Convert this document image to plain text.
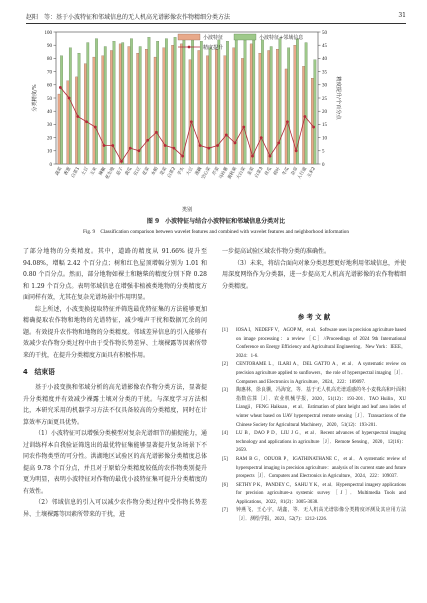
赵阳　等：基于小波特征和邻域信息的无人机高光谱影像农作物精细分类方法	31
0
10
20
30
40
50
60
70
80
90
100
0
5
10
15
20
25
30
35
40
45
50
蔬菜 香葱
白菜1 土豆 玉米 辣椒
花生地 茄子 黄瓜 豇豆 花菜 水稻 苋菜
白菜2 芋头 大豆 莲藕
空心菜 芹菜
马铃薯
黄秋葵
大白菜 韭菜
白菜3 丝瓜 荷叶 冬瓜 杂草
人行道
玉米2
分类精度/%	精度提升/个百分点
类别
小波特征	小波特征+邻域信息
精度提升
图 9　小波特征与结合小波特征和邻域信息分类对比
Fig. 9　Classification comparison between wavelet features and combined with wavelet features and neighborhood information

了部分地物的分类精度。其中，道路的精度从 91.66% 提升至 94.08%，增幅 2.42 个百分点；树和红色屋顶增幅分别为 1.01 和 0.80 个百分点。然而，部分地物如裸土和糖柴的精度分别下降 0.28 和 1.29 个百分点。表明邻域信息在增强非植被类地物的分类精度方面同样有效，尤其在复杂光谱场景中作用明显。

综上所述，小波变换提取特征并筛选最优特征集的方法能够更加精确提取农作物和地物的光谱特征，减少噪声干扰和数据冗余的问题。有效提升农作物和地物的分类精度。邻域差异信息的引入能够有效减少农作物分类过程中由于受作物长势差异、土壤裸露等因素所带来的干扰，在提升分类精度方面具有积极作用。

4　结束语

基于小波变换和邻域分析的高光谱影像农作物分类方法，显著提升分类精度并有效减少裸露土壤对分类的干扰。与深度学习方法相比，本研究采用的机器学习方法不仅具备较高的分类精度，同时在计算效率方面更具优势。

（1）小波特征可以增强分类模型对复杂光谱细节的捕捉能力，通过训练样本自我验证筛选出的最优特征集能够显著提升复杂场景下不同农作物类型的可分性。洪湖地区试验区的高光谱影像分类精度总体提高 9.78 个百分点，并且对于原始分类精度较低的农作物类别提升更为明显，表明小波特征对作物的最优小波特征集可提升分类精度的有效性。

（2）邻域信息的引入可以减少农作物分类过程中受作物长势差异、土壤裸露等因素所带来的干扰，进

一步提高试验区域农作物分类的准确性。

（3）未来，将结合面向对象分类思想更好地利用邻域信息，并使用深度网络作为分类器，进一步提高无人机高光谱影像的农作物精细分类精度。

参 考 文 献
[1] IOSA I，NEDEFF V，AGOP M，et al．Software uses in precision agriculture based on image processing：a review［C］//Proceedings of 2024 9th International Conference on Energy Efficiency and Agricultural Engineering．New York：IEEE，2024：1-6.
[2] CENTORAME L，ILARI A，DEL GATTO A，et al．A systematic review on precision agriculture applied to sunflowers，the role of hyperspectral imaging［J］．Computers and Electronics in Agriculture，2024，222：109097.
[3] 陶惠林，徐良骥，冯海宽，等．基于无人机高光谱遥感的冬小麦株高和叶面积指数估算［J］．农业机械学报，2020，51(12)：193-201．TAO Huilin，XU Liangji，FENG Haikuan，et al．Estimation of plant height and leaf area index of winter wheat based on UAV hyperspectral remote sensing［J］．Transactions of the Chinese Society for Agricultural Machinery，2020，51(12)：193-201.
[4] LU B，DAO P D，LIU J G，et al．Recent advances of hyperspectral imaging technology and applications in agriculture［J］．Remote Sensing，2020，12(16)：2659.
[5] RAM B G，ODUOR P，IGATHINATHANE C，et al．A systematic review of hyperspectral imaging in precision agriculture：analysis of its current state and future prospects［J］．Computers and Electronics in Agriculture，2024，222：109037.
[6] SETHY P K，PANDEY C，SAHU Y K，et al．Hyperspectral imagery applications for precision agriculture-a systemic survey［J］．Multimedia Tools and Applications，2022，81(2)：3005-3038.
[7] 钟燕飞，王心宇，胡鑫，等．无人机高光谱影像分类精度评测及其应用方法［J］．测绘学报，2023，52(7)：1212-1226.
